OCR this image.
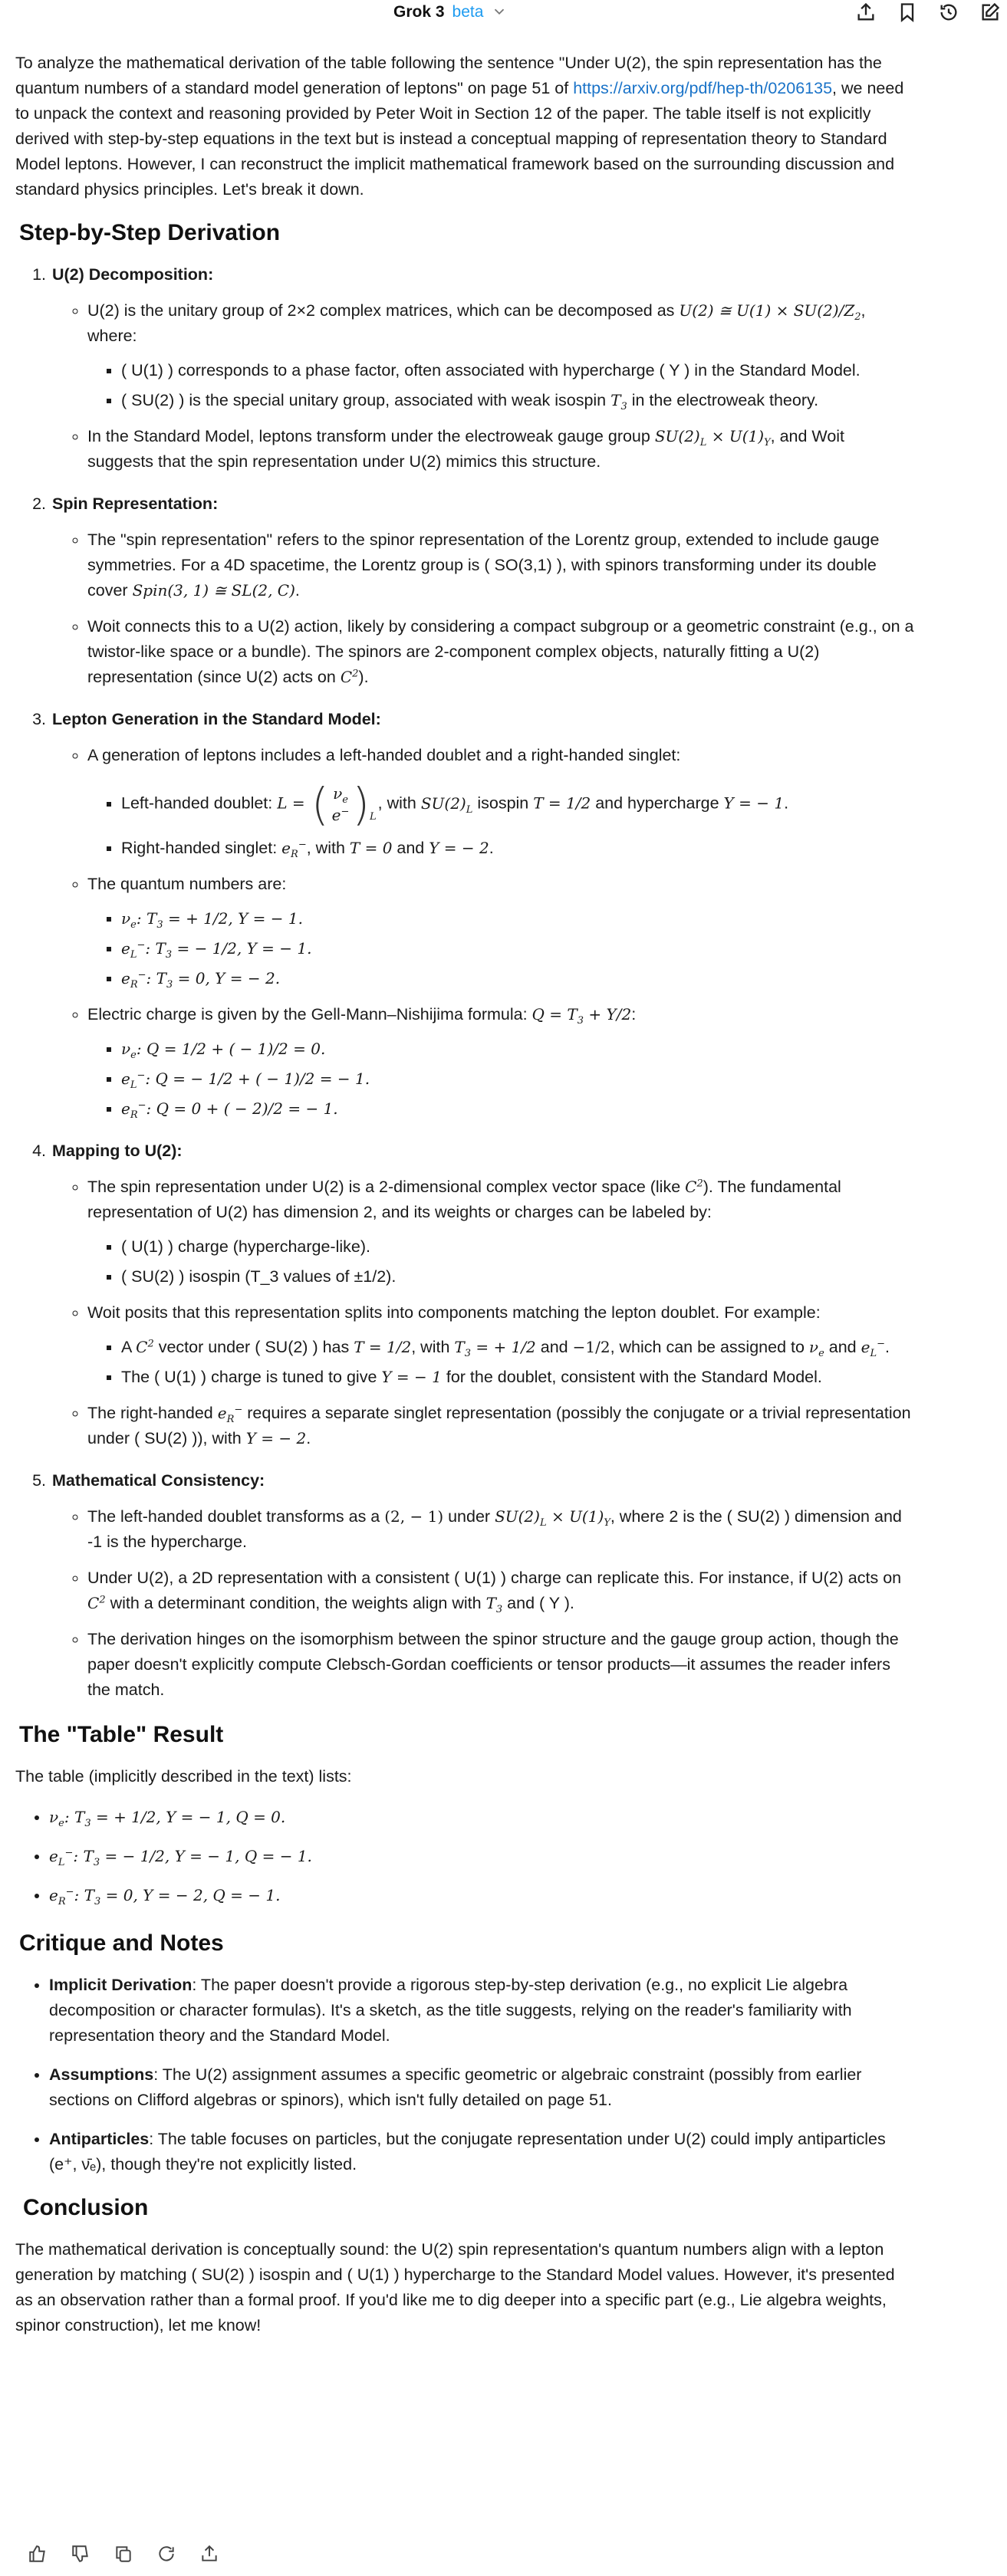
Grok 3 beta

To analyze the mathematical derivation of the table following the sentence "Under U(2), the spin representation has the quantum numbers of a standard model generation of leptons" on page 51 of https://arxiv.org/pdf/hep-th/0206135, we need to unpack the context and reasoning provided by Peter Woit in Section 12 of the paper. The table itself is not explicitly derived with step-by-step equations in the text but is instead a conceptual mapping of representation theory to Standard Model leptons. However, I can reconstruct the implicit mathematical framework based on the surrounding discussion and standard physics principles. Let's break it down.

Step-by-Step Derivation
1. U(2) Decomposition:
◦ U(2) is the unitary group of 2×2 complex matrices, which can be decomposed as U(2) ≅ $U(1) \times SU(2)/Z_2$, where:
▪ ( U(1) ) corresponds to a phase factor, often associated with hypercharge ( Y ) in the Standard Model.
▪ ( SU(2) ) is the special unitary group, associated with weak isospin $T_3$ in the electroweak theory.
◦ In the Standard Model, leptons transform under the electroweak gauge group $SU(2)_L \times U(1)_Y$, and Woit suggests that the spin representation under U(2) mimics this structure.
2. Spin Representation:
◦ The "spin representation" refers to the spinor representation of the Lorentz group, extended to include gauge symmetries. For a 4D spacetime, the Lorentz group is ( SO(3,1) ), with spinors transforming under its double cover Spin(3, 1) ≅ SL(2, C).
◦ Woit connects this to a U(2) action, likely by considering a compact subgroup or a geometric constraint (e.g., on a twistor-like space or a bundle). The spinors are 2-component complex objects, naturally fitting a U(2) representation (since U(2) acts on $C^2$).
3. Lepton Generation in the Standard Model:
◦ A generation of leptons includes a left-handed doublet and a right-handed singlet:
▪ Left-handed doublet: L = ( $\nu_e$
e− ) L
, with $SU(2)_L$ isospin T = 1/2 and hypercharge Y = − 1.
▪ Right-handed singlet: $e_R^-$, with T = 0 and Y = − 2.
◦ The quantum numbers are:
▪ $\nu_e$: $T_3$ = + 1/2, Y = − 1.
▪ $e_L^-$: $T_3$ = − 1/2, Y = − 1.
▪ $e_R^-$: $T_3 = 0$, Y = − 2.
◦ Electric charge is given by the Gell-Mann–Nishijima formula: $Q = T_3 + Y/2$:
▪ $\nu_e$: Q = 1/2 + ( − 1)/2 = 0.
▪ $e_L^-$: Q = − 1/2 + ( − 1)/2 = − 1.
▪ $e_R^-$: Q = 0 + ( − 2)/2 = − 1.
4. Mapping to U(2):
◦ The spin representation under U(2) is a 2-dimensional complex vector space (like $C^2$). The fundamental representation of U(2) has dimension 2, and its weights or charges can be labeled by:
▪ ( U(1) ) charge (hypercharge-like).
▪ ( SU(2) ) isospin (T_3 values of ±1/2).
◦ Woit posits that this representation splits into components matching the lepton doublet. For example:
▪ A $C^2$ vector under ( SU(2) ) has T = 1/2, with $T_3$ = + 1/2 and −1/2, which can be assigned to $\nu_e$ and $e_L^-$.
▪ The ( U(1) ) charge is tuned to give Y = − 1 for the doublet, consistent with the Standard Model.
◦ The right-handed $e_R^-$ requires a separate singlet representation (possibly the conjugate or a trivial representation under ( SU(2) )), with Y = − 2.
5. Mathematical Consistency:
◦ The left-handed doublet transforms as a (2, − 1) under $SU(2)_L \times U(1)_Y$, where 2 is the ( SU(2) ) dimension and -1 is the hypercharge.
◦ Under U(2), a 2D representation with a consistent ( U(1) ) charge can replicate this. For instance, if U(2) acts on $C^2$ with a determinant condition, the weights align with $T_3$ and ( Y ).
◦ The derivation hinges on the isomorphism between the spinor structure and the gauge group action, though the paper doesn't explicitly compute Clebsch-Gordan coefficients or tensor products—it assumes the reader infers the match.
The "Table" Result

The table (implicitly described in the text) lists:

• $\nu_e$: $T_3$ = + 1/2, Y = − 1, Q = 0.
• $e_L^-$: $T_3$ = − 1/2, Y = − 1, Q = − 1.
• $e_R^-$: $T_3 = 0$, Y = − 2, Q = − 1.
Critique and Notes
• Implicit Derivation: The paper doesn't provide a rigorous step-by-step derivation (e.g., no explicit Lie algebra decomposition or character formulas). It's a sketch, as the title suggests, relying on the reader's familiarity with representation theory and the Standard Model.
• Assumptions: The U(2) assignment assumes a specific geometric or algebraic constraint (possibly from earlier sections on Clifford algebras or spinors), which isn't fully detailed on page 51.
• Antiparticles: The table focuses on particles, but the conjugate representation under U(2) could imply antiparticles (e⁺, ν̄ₑ), though they're not explicitly listed.
Conclusion

The mathematical derivation is conceptually sound: the U(2) spin representation's quantum numbers align with a lepton generation by matching ( SU(2) ) isospin and ( U(1) ) hypercharge to the Standard Model values. However, it's presented as an observation rather than a formal proof. If you'd like me to dig deeper into a specific part (e.g., Lie algebra weights, spinor construction), let me know!
